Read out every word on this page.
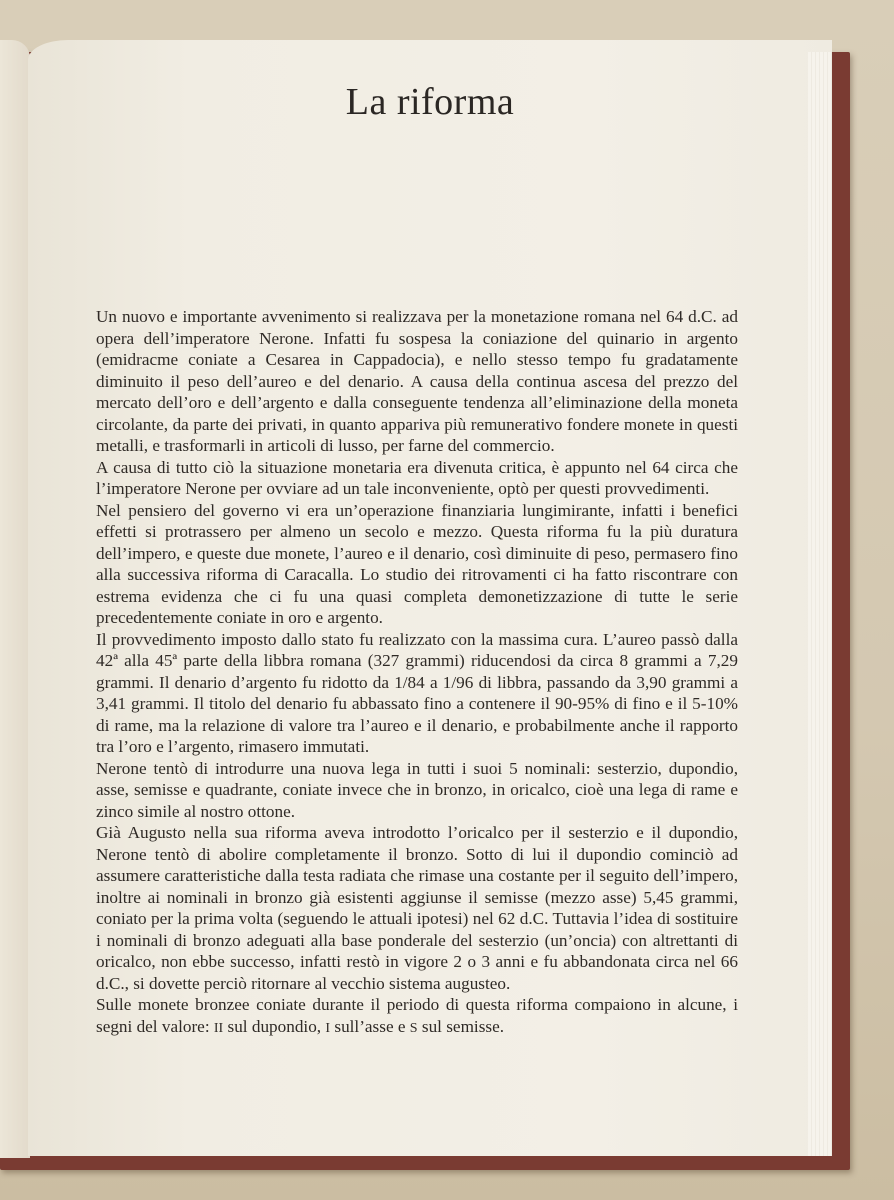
La riforma

Un nuovo e importante avvenimento si realizzava per la monetazione romana nel 64 d.C. ad opera dell’imperatore Nerone. Infatti fu sospesa la coniazione del quinario in argento (emidracme coniate a Cesarea in Cappadocia), e nello stesso tempo fu gradatamente diminuito il peso dell’aureo e del denario. A causa della continua ascesa del prezzo del mercato dell’oro e dell’argento e dalla conseguente tendenza all’eliminazione della moneta circolante, da parte dei privati, in quanto appariva più remunerativo fondere monete in questi metalli, e trasformarli in articoli di lusso, per farne del commercio.

A causa di tutto ciò la situazione monetaria era divenuta critica, è appunto nel 64 circa che l’imperatore Nerone per ovviare ad un tale inconveniente, optò per questi provvedimenti.

Nel pensiero del governo vi era un’operazione finanziaria lungimirante, infatti i benefici effetti si protrassero per almeno un secolo e mezzo. Questa riforma fu la più duratura dell’impero, e queste due monete, l’aureo e il denario, così diminuite di peso, permasero fino alla successiva riforma di Caracalla. Lo studio dei ritrovamenti ci ha fatto riscontrare con estrema evidenza che ci fu una quasi completa demonetizzazione di tutte le serie precedentemente coniate in oro e argento.

Il provvedimento imposto dallo stato fu realizzato con la massima cura. L’aureo passò dalla 42ª alla 45ª parte della libbra romana (327 grammi) riducendosi da circa 8 grammi a 7,29 grammi. Il denario d’argento fu ridotto da 1/84 a 1/96 di libbra, passando da 3,90 grammi a 3,41 grammi. Il titolo del denario fu abbassato fino a contenere il 90-95% di fino e il 5-10% di rame, ma la relazione di valore tra l’aureo e il denario, e probabilmente anche il rapporto tra l’oro e l’argento, rimasero immutati.

Nerone tentò di introdurre una nuova lega in tutti i suoi 5 nominali: sesterzio, dupondio, asse, semisse e quadrante, coniate invece che in bronzo, in oricalco, cioè una lega di rame e zinco simile al nostro ottone.

Già Augusto nella sua riforma aveva introdotto l’oricalco per il sesterzio e il dupondio, Nerone tentò di abolire completamente il bronzo. Sotto di lui il dupondio cominciò ad assumere caratteristiche dalla testa radiata che rimase una costante per il seguito dell’impero, inoltre ai nominali in bronzo già esistenti aggiunse il semisse (mezzo asse) 5,45 grammi, coniato per la prima volta (seguendo le attuali ipotesi) nel 62 d.C. Tuttavia l’idea di sostituire i nominali di bronzo adeguati alla base ponderale del sesterzio (un’oncia) con altrettanti di oricalco, non ebbe successo, infatti restò in vigore 2 o 3 anni e fu abbandonata circa nel 66 d.C., si dovette perciò ritornare al vecchio sistema augusteo.

Sulle monete bronzee coniate durante il periodo di questa riforma compaiono in alcune, i segni del valore: II sul dupondio, I sull’asse e S sul semisse.
